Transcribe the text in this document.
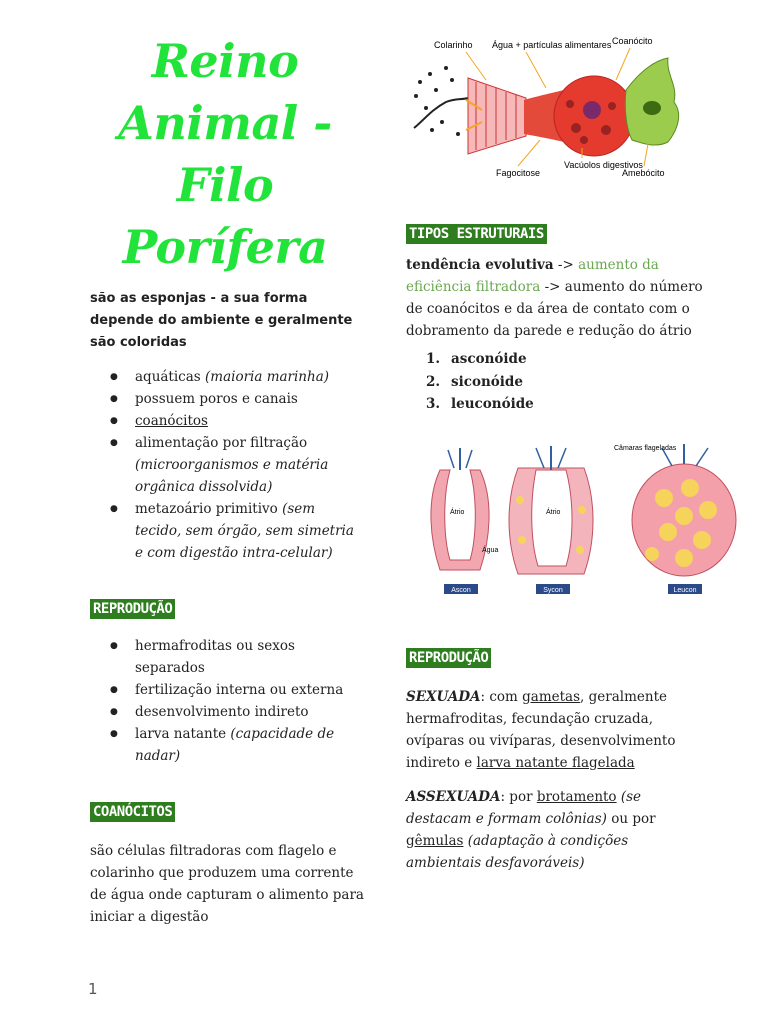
Reino
Animal - Filo
Porífera

são as esponjas - a sua forma depende do ambiente e geralmente são coloridas

● aquáticas (maioria marinha)
● possuem poros e canais
● coanócitos
● alimentação por filtração (microorganismos e matéria orgânica dissolvida)
● metazoário primitivo (sem tecido, sem órgão, sem simetria e com digestão intra-celular)
REPRODUÇÃO
● hermafroditas ou sexos separados
● fertilização interna ou externa
● desenvolvimento indireto
● larva natante (capacidade de nadar)
COANÓCITOS

são células filtradoras com flagelo e colarinho que produzem uma corrente de água onde capturam o alimento para iniciar a digestão

Colarinho Água + partículas alimentares Coanócito
Fagocitose
Vacúolos digestivos
Amebócito
TIPOS ESTRUTURAIS

tendência evolutiva -> aumento da eficiência filtradora -> aumento do número de coanócitos e da área de contato com o dobramento da parede e redução do átrio

1. asconóide
2. siconóide
3. leuconóide
Átrio	Átrio
Água
Câmaras flageladas
Ascon	Sycon	Leucon
REPRODUÇÃO

SEXUADA: com gametas, geralmente hermafroditas, fecundação cruzada, ovíparas ou vivíparas, desenvolvimento indireto e larva natante flagelada

ASSEXUADA: por brotamento (se destacam e formam colônias) ou por gêmulas (adaptação à condições ambientais desfavoráveis)

1
